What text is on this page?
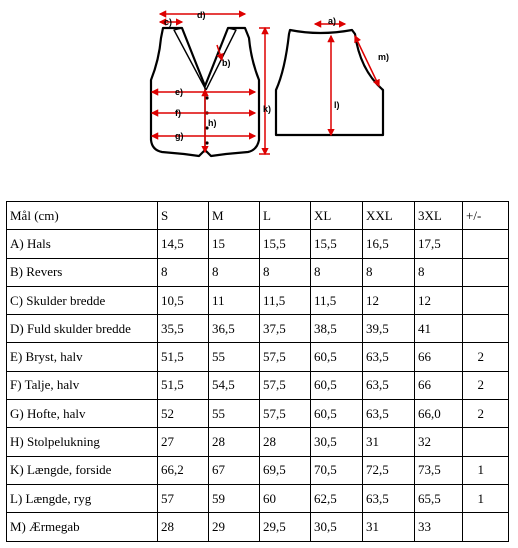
d)
c)
b)
e)
f)
g)
h)
k)
a)
l)
m)
Mål (cm)	S	M	L	XL	XXL	3XL	+/-
A) Hals	14,5	15	15,5	15,5	16,5	17,5	
B) Revers	8	8	8	8	8	8	
C) Skulder bredde	10,5	11	11,5	11,5	12	12	
D) Fuld skulder bredde	35,5	36,5	37,5	38,5	39,5	41	
E) Bryst, halv	51,5	55	57,5	60,5	63,5	66	2
F) Talje, halv	51,5	54,5	57,5	60,5	63,5	66	2
G) Hofte, halv	52	55	57,5	60,5	63,5	66,0	2
H) Stolpelukning	27	28	28	30,5	31	32	
K) Længde, forside	66,2	67	69,5	70,5	72,5	73,5	1
L) Længde, ryg	57	59	60	62,5	63,5	65,5	1
M) Ærmegab	28	29	29,5	30,5	31	33	
